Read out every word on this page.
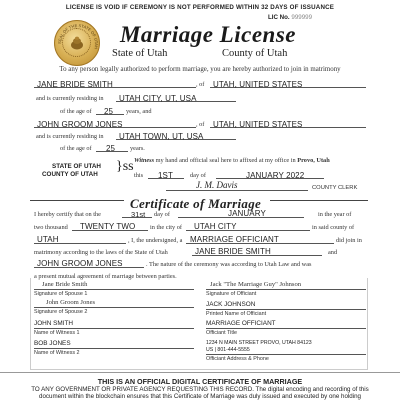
LICENSE IS VOID IF CEREMONY IS NOT PERFORMED WITHIN 32 DAYS OF ISSUANCE
LIC No. 999999
SEAL OF THE STATE OF UTAH
Marriage License
State of Utah	County of Utah
To any person legally authorized to perform marriage, you are hereby authorized to join in matrimony
JANE BRIDE SMITH	, of UTAH, UNITED STATES
and is currently residing in UTAH CITY, UT, USA
of the age of 25 years, and
JOHN GROOM JONES	, of UTAH, UNITED STATES
and is currently residing in UTAH TOWN, UT, USA
of the age of 25 years.
STATE OF UTAH
COUNTY OF UTAH
}ss Witness my hand and official seal here to affixed at my office in Provo, Utah
this 1ST	day of	JANUARY 2022
J. M. Davis	COUNTY CLERK
Certificate of Marriage
I hereby certify that on the	31st day of	JANUARY	in the year of
two thousand TWENTY TWO in the city of UTAH CITY	in said county of
UTAH	, I, the undersigned, a MARRIAGE OFFICIANT	did join in
matrimony according to the laws of the State of Utah	JANE BRIDE SMITH	and
JOHN GROOM JONES	. The nature of the ceremony was according to Utah Law and was
a present mutual agreement of marriage between parties.
Jane Bride Smith
Signature of Spouse 1
John Groom Jones
Signature of Spouse 2
JOHN SMITH
Name of Witness 1
BOB JONES
Name of Witness 2
Jack "The Marriage Guy" Johnson
Signature of Officiant
JACK JOHNSON
Printed Name of Officiant
MARRIAGE OFFICIANT
Officiant Title
1234 N MAIN STREET PROVO, UTAH 84123
US | 801-444-5555
Officiant Address & Phone
THIS IS AN OFFICIAL DIGITAL CERTIFICATE OF MARRIAGE
TO ANY GOVERNMENT OR PRIVATE AGENCY REQUESTING THIS RECORD. The digital encoding and recording of this
document within the blockchain ensures that this Certificate of Marriage was duly issued and executed by one holding
